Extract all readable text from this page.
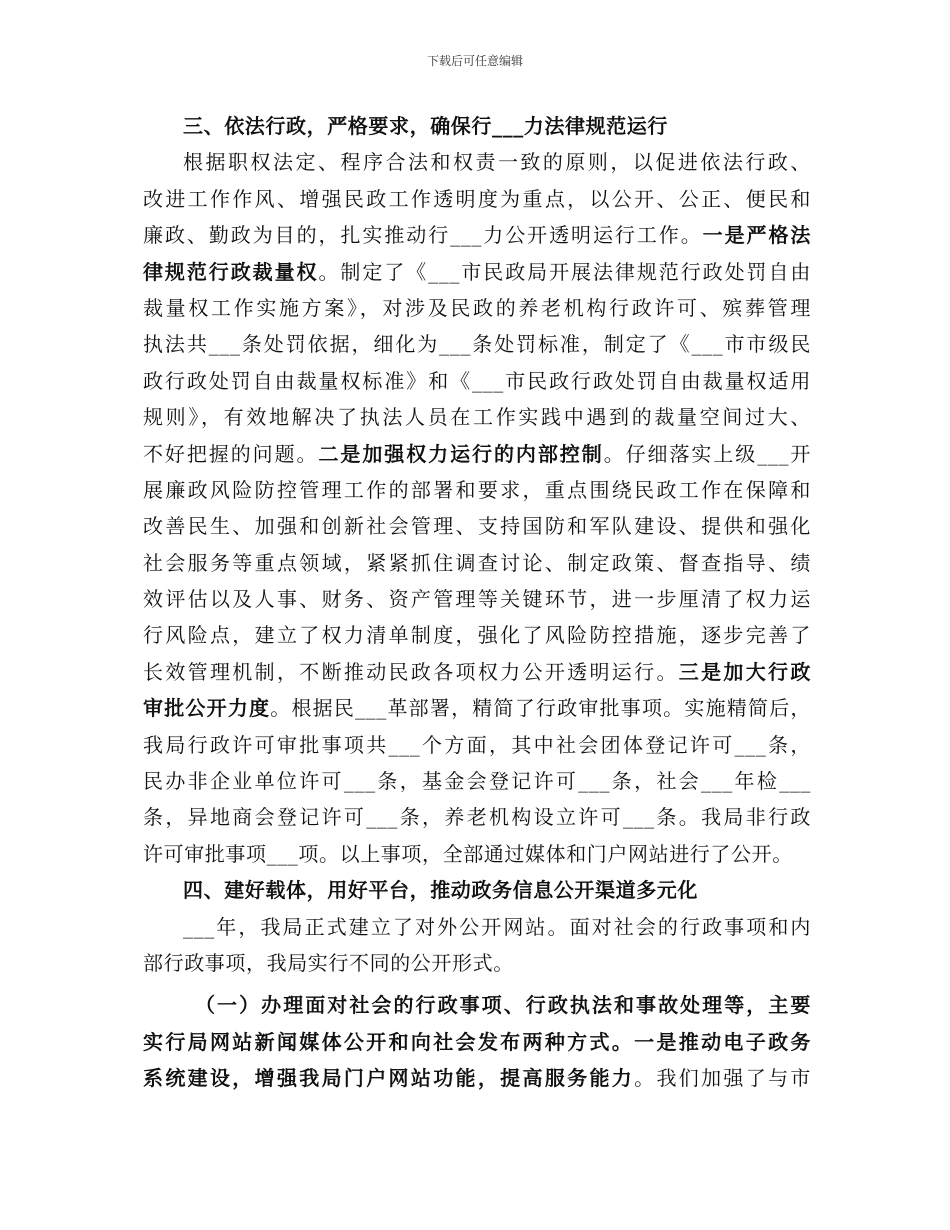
下载后可任意编辑
三、依法行政，严格要求，确保行___力法律规范运行
根据职权法定、程序合法和权责一致的原则，以促进依法行政、
改进工作作风、增强民政工作透明度为重点，以公开、公正、便民和
廉政、勤政为目的，扎实推动行___力公开透明运行工作。一是严格法
律规范行政裁量权。制定了《___市民政局开展法律规范行政处罚自由
裁量权工作实施方案》，对涉及民政的养老机构行政许可、殡葬管理
执法共___条处罚依据，细化为___条处罚标准，制定了《___市市级民
政行政处罚自由裁量权标准》和《___市民政行政处罚自由裁量权适用
规则》，有效地解决了执法人员在工作实践中遇到的裁量空间过大、
不好把握的问题。二是加强权力运行的内部控制。仔细落实上级___开
展廉政风险防控管理工作的部署和要求，重点围绕民政工作在保障和
改善民生、加强和创新社会管理、支持国防和军队建设、提供和强化
社会服务等重点领域，紧紧抓住调查讨论、制定政策、督查指导、绩
效评估以及人事、财务、资产管理等关键环节，进一步厘清了权力运
行风险点，建立了权力清单制度，强化了风险防控措施，逐步完善了
长效管理机制，不断推动民政各项权力公开透明运行。三是加大行政
审批公开力度。根据民___革部署，精简了行政审批事项。实施精简后，
我局行政许可审批事项共___个方面，其中社会团体登记许可___条，
民办非企业单位许可___条，基金会登记许可___条，社会___年检___
条，异地商会登记许可___条，养老机构设立许可___条。我局非行政
许可审批事项___项。以上事项，全部通过媒体和门户网站进行了公开。
四、建好载体，用好平台，推动政务信息公开渠道多元化
___年，我局正式建立了对外公开网站。面对社会的行政事项和内
部行政事项，我局实行不同的公开形式。
（一）办理面对社会的行政事项、行政执法和事故处理等，主要
实行局网站新闻媒体公开和向社会发布两种方式。一是推动电子政务
系统建设，增强我局门户网站功能，提高服务能力。我们加强了与市
